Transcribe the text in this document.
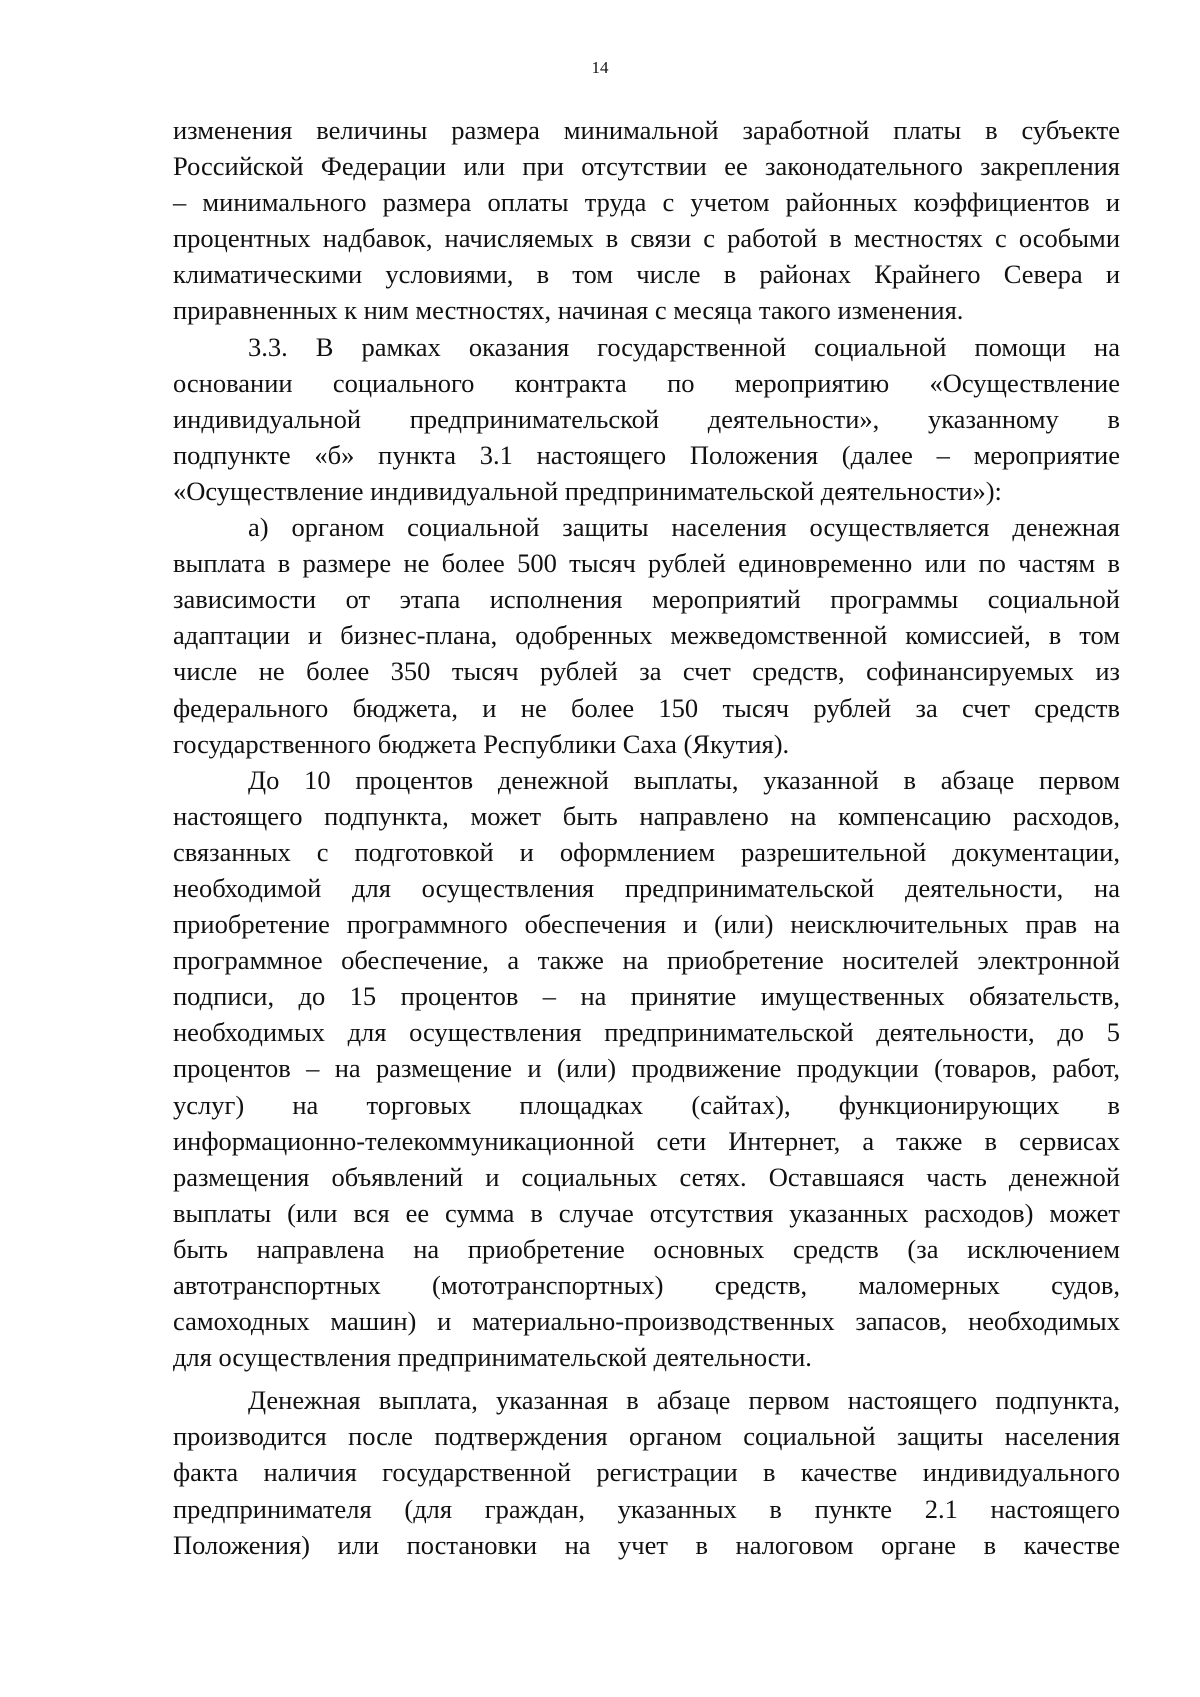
14

изменения величины размера минимальной заработной платы в субъекте
Российской Федерации или при отсутствии ее законодательного закрепления
– минимального размера оплаты труда с учетом районных коэффициентов и
процентных надбавок, начисляемых в связи с работой в местностях с особыми
климатическими условиями, в том числе в районах Крайнего Севера и
приравненных к ним местностях, начиная с месяца такого изменения.

3.3. В рамках оказания государственной социальной помощи на
основании социального контракта по мероприятию «Осуществление
индивидуальной предпринимательской деятельности», указанному в
подпункте «б» пункта 3.1 настоящего Положения (далее – мероприятие
«Осуществление индивидуальной предпринимательской деятельности»):

а) органом социальной защиты населения осуществляется денежная
выплата в размере не более 500 тысяч рублей единовременно или по частям в
зависимости от этапа исполнения мероприятий программы социальной
адаптации и бизнес-плана, одобренных межведомственной комиссией, в том
числе не более 350 тысяч рублей за счет средств, софинансируемых из
федерального бюджета, и не более 150 тысяч рублей за счет средств
государственного бюджета Республики Саха (Якутия).

До 10 процентов денежной выплаты, указанной в абзаце первом
настоящего подпункта, может быть направлено на компенсацию расходов,
связанных с подготовкой и оформлением разрешительной документации,
необходимой для осуществления предпринимательской деятельности, на
приобретение программного обеспечения и (или) неисключительных прав на
программное обеспечение, а также на приобретение носителей электронной
подписи, до 15 процентов – на принятие имущественных обязательств,
необходимых для осуществления предпринимательской деятельности, до 5
процентов – на размещение и (или) продвижение продукции (товаров, работ,
услуг) на торговых площадках (сайтах), функционирующих в
информационно-телекоммуникационной сети Интернет, а также в сервисах
размещения объявлений и социальных сетях. Оставшаяся часть денежной
выплаты (или вся ее сумма в случае отсутствия указанных расходов) может
быть направлена на приобретение основных средств (за исключением
автотранспортных (мототранспортных) средств, маломерных судов,
самоходных машин) и материально-производственных запасов, необходимых
для осуществления предпринимательской деятельности.

Денежная выплата, указанная в абзаце первом настоящего подпункта,
производится после подтверждения органом социальной защиты населения
факта наличия государственной регистрации в качестве индивидуального
предпринимателя (для граждан, указанных в пункте 2.1 настоящего
Положения) или постановки на учет в налоговом органе в качестве
